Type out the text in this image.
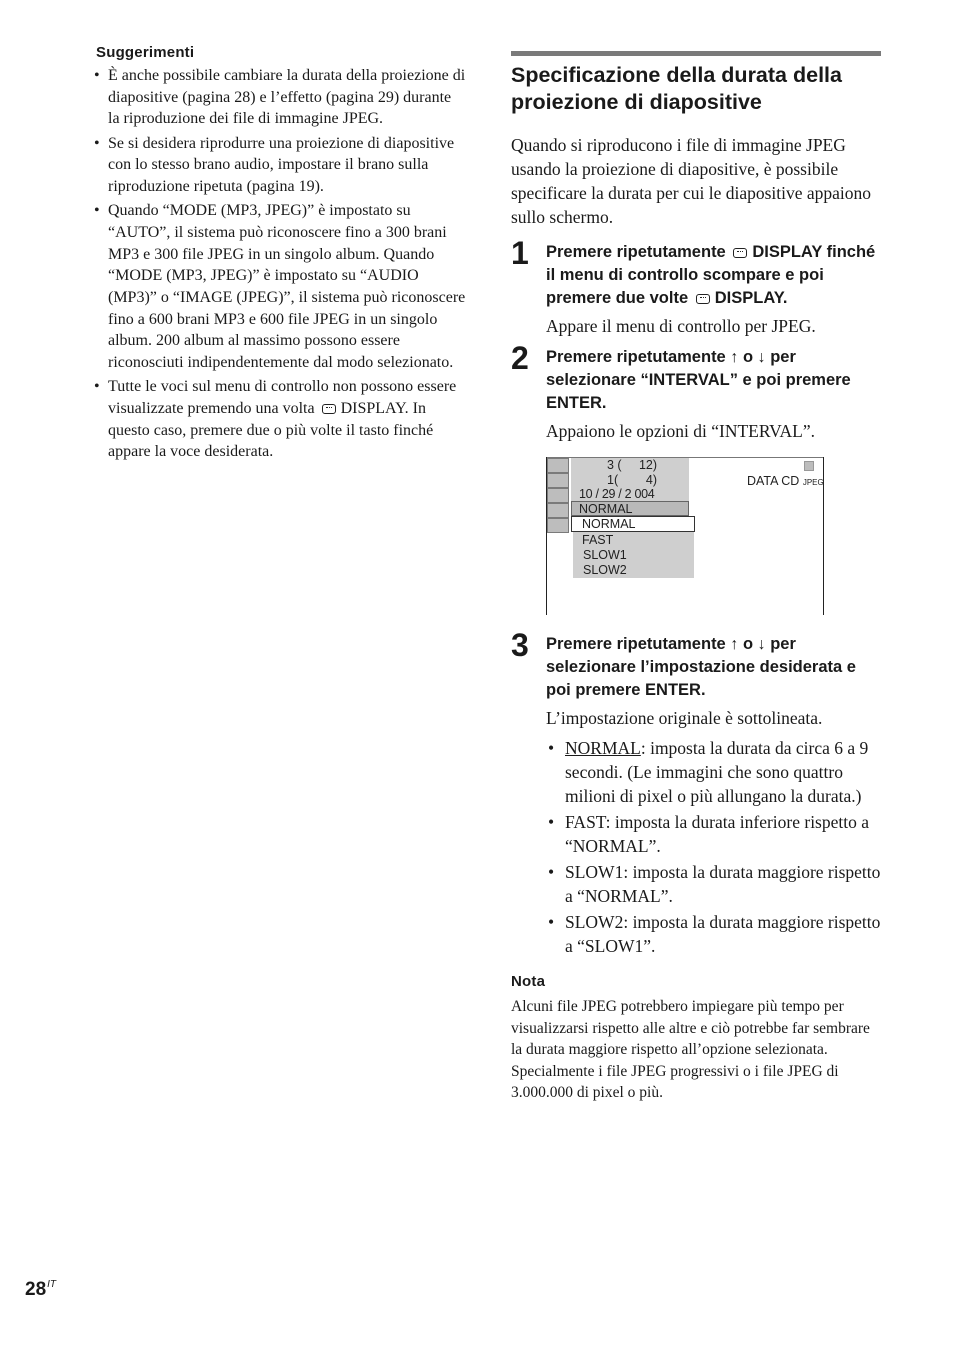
Suggerimenti
• È anche possibile cambiare la durata della proiezione di diapositive (pagina 28) e l’effetto (pagina 29) durante la riproduzione dei file di immagine JPEG.
• Se si desidera riprodurre una proiezione di diapositive con lo stesso brano audio, impostare il brano sulla riproduzione ripetuta (pagina 19).
• Quando “MODE (MP3, JPEG)” è impostato su “AUTO”, il sistema può riconoscere fino a 300 brani MP3 e 300 file JPEG in un singolo album. Quando “MODE (MP3, JPEG)” è impostato su “AUDIO (MP3)” o “IMAGE (JPEG)”, il sistema può riconoscere fino a 600 brani MP3 e 600 file JPEG in un singolo album. 200 album al massimo possono essere riconosciuti indipendentemente dal modo selezionato.
• Tutte le voci sul menu di controllo non possono essere visualizzate premendo una volta DISPLAY. In questo caso, premere due o più volte il tasto finché appare la voce desiderata.
Specificazione della durata della proiezione di diapositive

Quando si riproducono i file di immagine JPEG usando la proiezione di diapositive, è possibile specificare la durata per cui le diapositive appaiono sullo schermo.

1 Premere ripetutamente DISPLAY finché il menu di controllo scompare e poi premere due volte DISPLAY.

Appare il menu di controllo per JPEG.

2 Premere ripetutamente ↑ o ↓ per selezionare “INTERVAL” e poi premere ENTER.

Appaiono le opzioni di “INTERVAL”.

3 (     12)
1(        4)
10 / 29 / 2 004
NORMAL
NORMAL
FAST
SLOW1
SLOW2
DATA CD JPEG
3 Premere ripetutamente ↑ o ↓ per selezionare l’impostazione desiderata e poi premere ENTER.

L’impostazione originale è sottolineata.

• NORMAL: imposta la durata da circa 6 a 9 secondi. (Le immagini che sono quattro milioni di pixel o più allungano la durata.)
• FAST: imposta la durata inferiore rispetto a “NORMAL”.
• SLOW1: imposta la durata maggiore rispetto a “NORMAL”.
• SLOW2: imposta la durata maggiore rispetto a “SLOW1”.
Nota

Alcuni file JPEG potrebbero impiegare più tempo per visualizzarsi rispetto alle altre e ciò potrebbe far sembrare la durata maggiore rispetto all’opzione selezionata. Specialmente i file JPEG progressivi o i file JPEG di 3.000.000 di pixel o più.

$28^{IT}$
